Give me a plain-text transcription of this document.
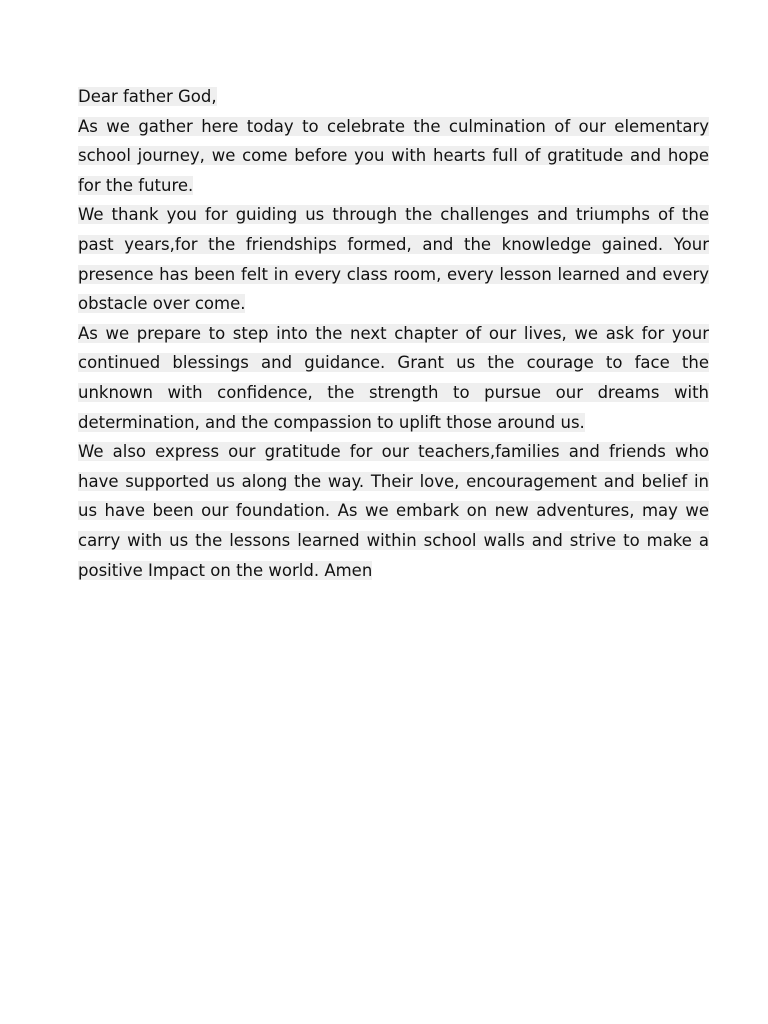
Dear father God,

As we gather here today to celebrate the culmination of our elementary school journey, we come before you with hearts full of gratitude and hope for the future.

We thank you for guiding us through the challenges and triumphs of the past years,for the friendships formed, and the knowledge gained. Your presence has been felt in every class room, every lesson learned and every obstacle over come.

As we prepare to step into the next chapter of our lives, we ask for your continued blessings and guidance. Grant us the courage to face the unknown with confidence, the strength to pursue our dreams with determination, and the compassion to uplift those around us.

We also express our gratitude for our teachers,families and friends who have supported us along the way. Their love, encouragement and belief in us have been our foundation. As we embark on new adventures, may we carry with us the lessons learned within school walls and strive to make a positive Impact on the world. Amen
